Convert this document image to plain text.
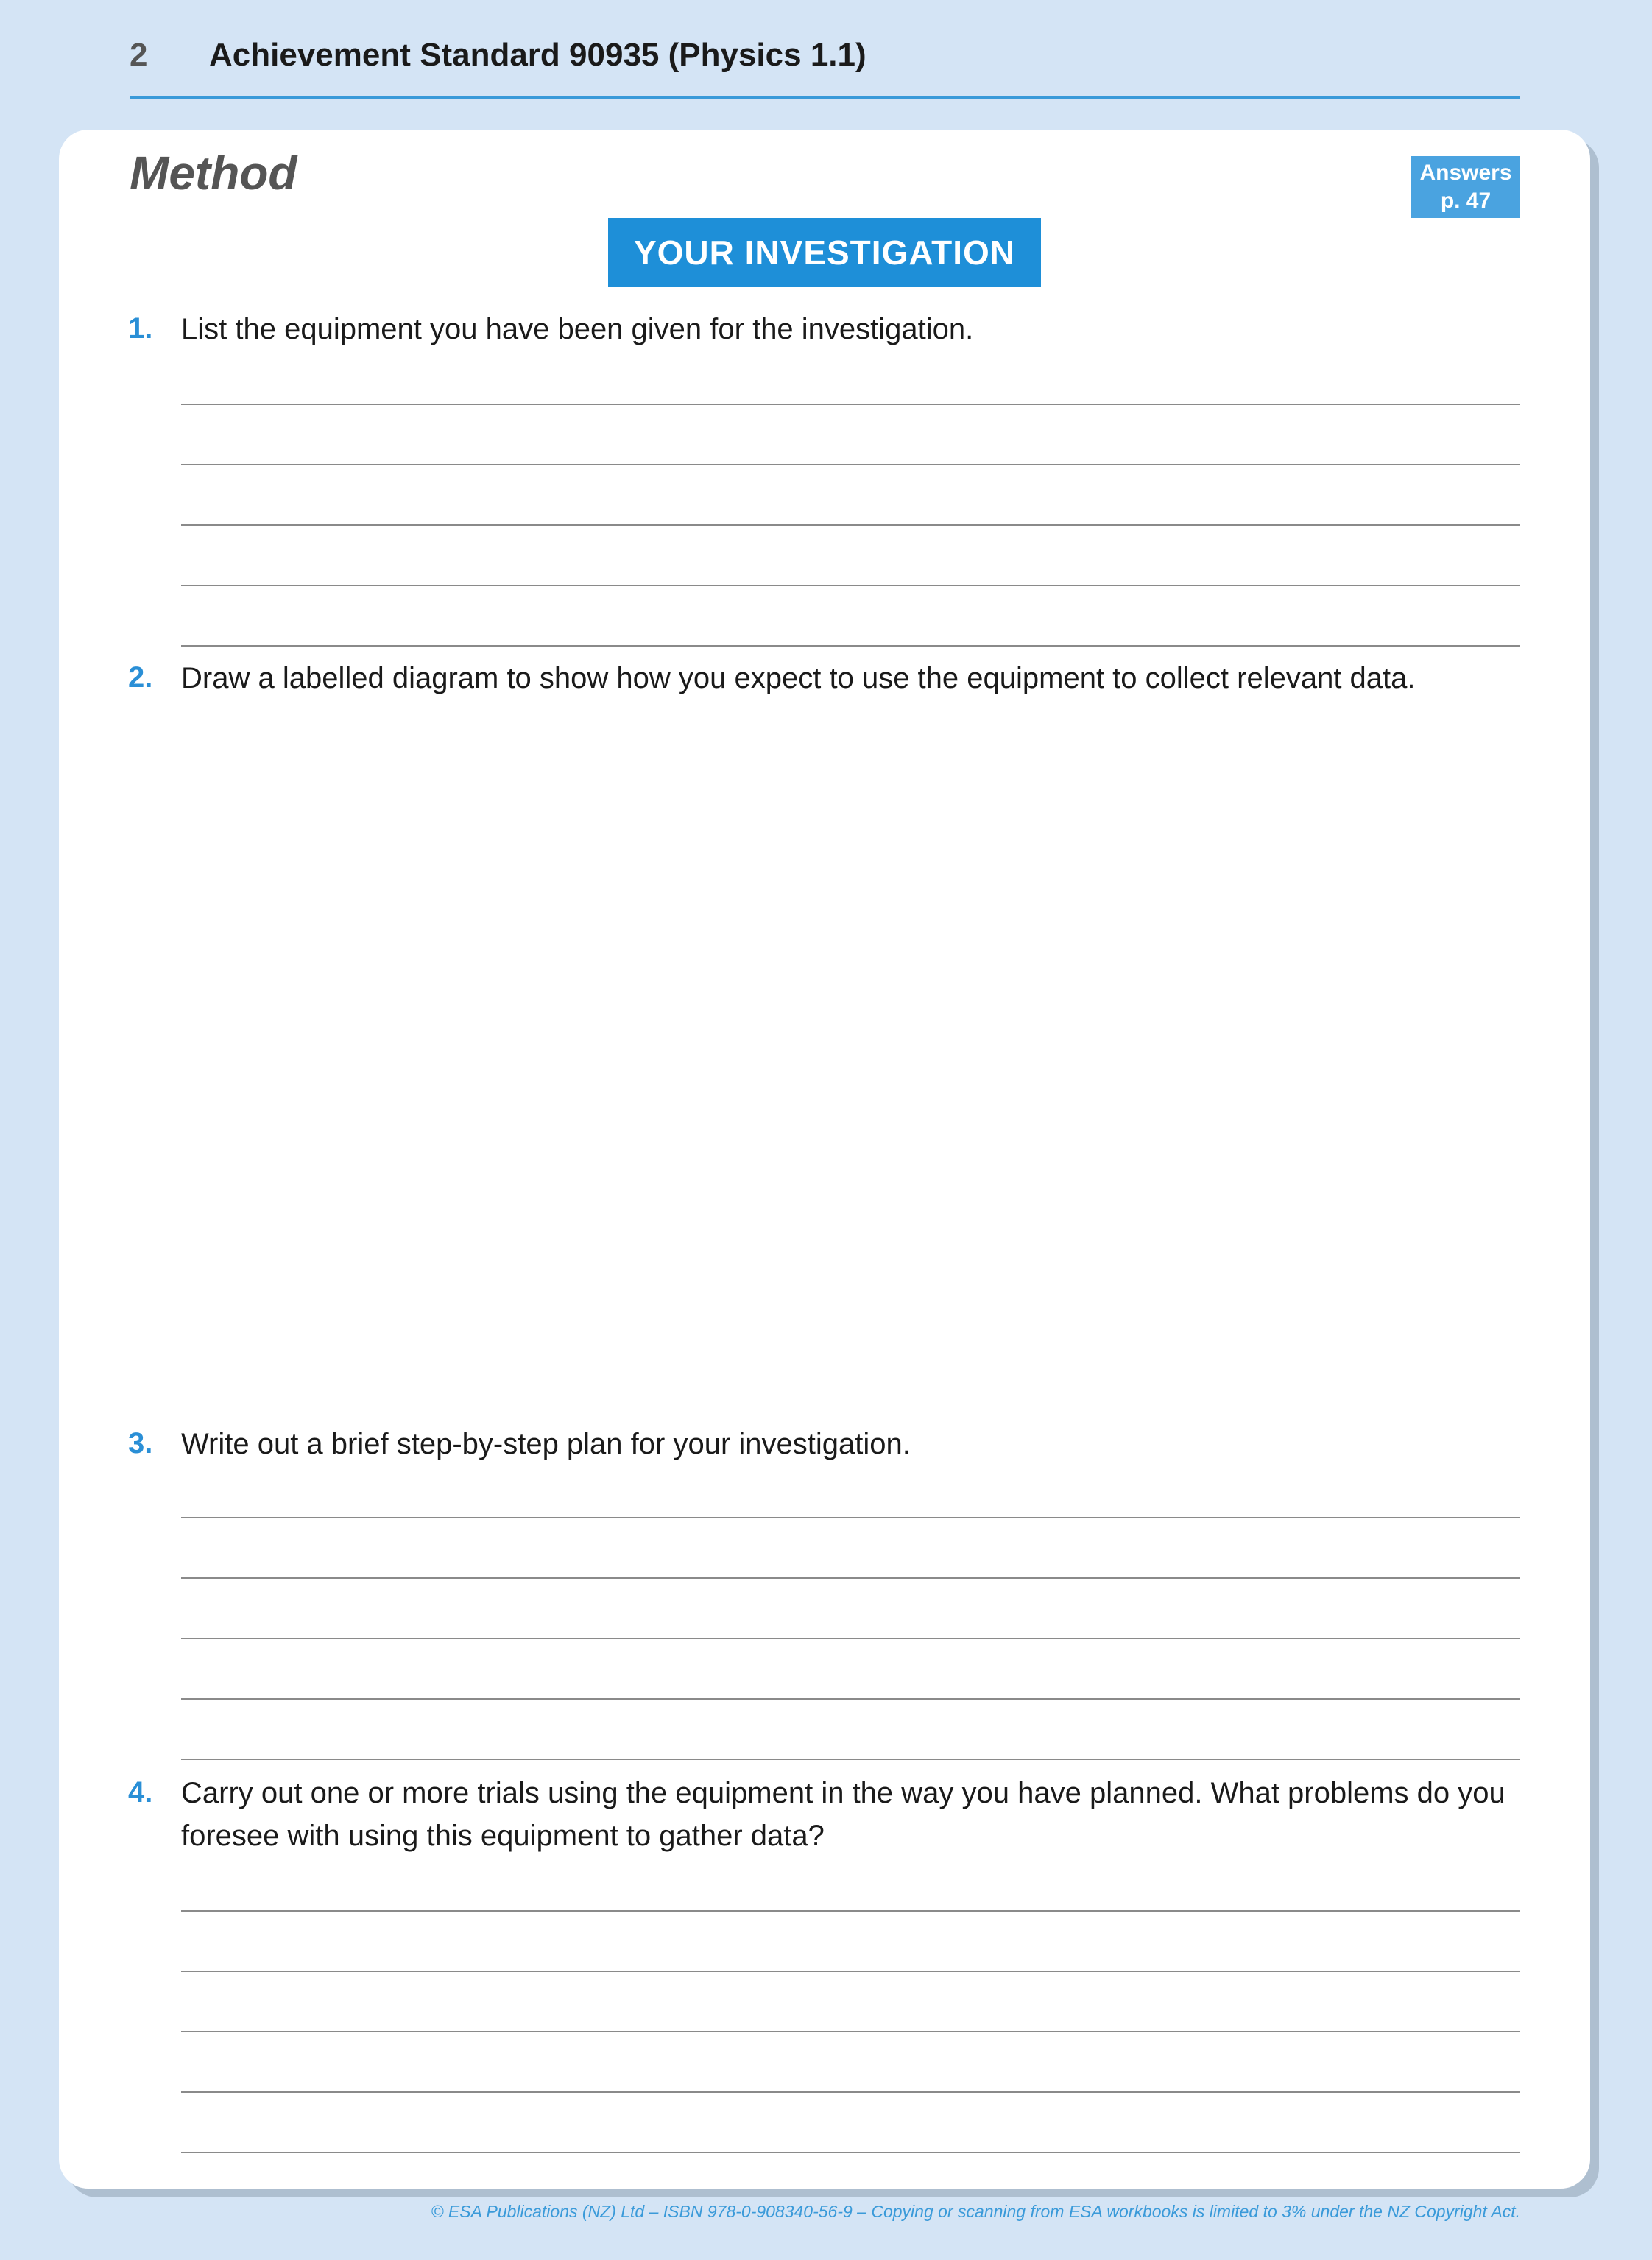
2 Achievement Standard 90935 (Physics 1.1)
Method	Answers
p. 47
YOUR INVESTIGATION
1. List the equipment you have been given for the investigation.
2. Draw a labelled diagram to show how you expect to use the equipment to collect relevant data.
3. Write out a brief step-by-step plan for your investigation.
4. Carry out one or more trials using the equipment in the way you have planned. What problems do you foresee with using this equipment to gather data?
© ESA Publications (NZ) Ltd – ISBN 978-0-908340-56-9 – Copying or scanning from ESA workbooks is limited to 3% under the NZ Copyright Act.
